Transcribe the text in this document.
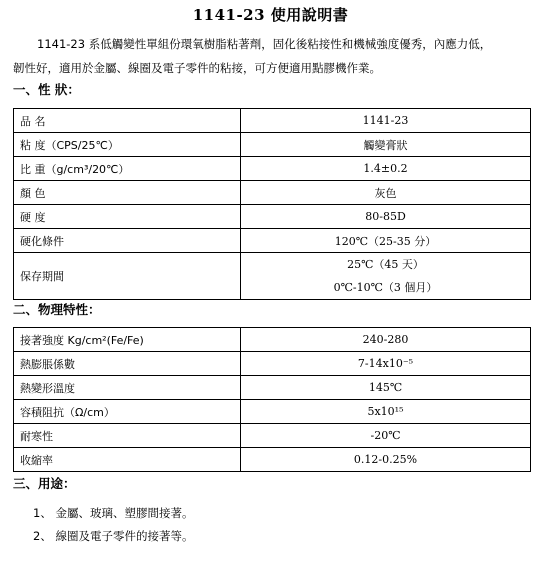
1141-23 使用說明書
1141-23 系低觸變性單組份環氧樹脂粘著劑，固化後粘接性和機械強度優秀，內應力低，
韌性好，適用於金屬、線圈及電子零件的粘接，可方便適用點膠機作業。
一、性 狀：
品 名	1141-23
粘 度（CPS/25℃）	觸變膏狀
比 重（g/cm³/20℃）	1.4±0.2
顏 色	灰色
硬 度	80-85D
硬化條件	120℃（25-35 分）
保存期間	25℃（45 天）
0℃-10℃（3 個月）
二、物理特性：
接著強度 Kg/cm²(Fe/Fe)	240-280
熱膨脹係數	7-14x10⁻⁵
熱變形溫度	145℃
容積阻抗（Ω/cm）	5x10¹⁵
耐寒性	-20℃
收縮率	0.12-0.25%
三、用途：
1、 金屬、玻璃、塑膠間接著。
2、 線圈及電子零件的接著等。
